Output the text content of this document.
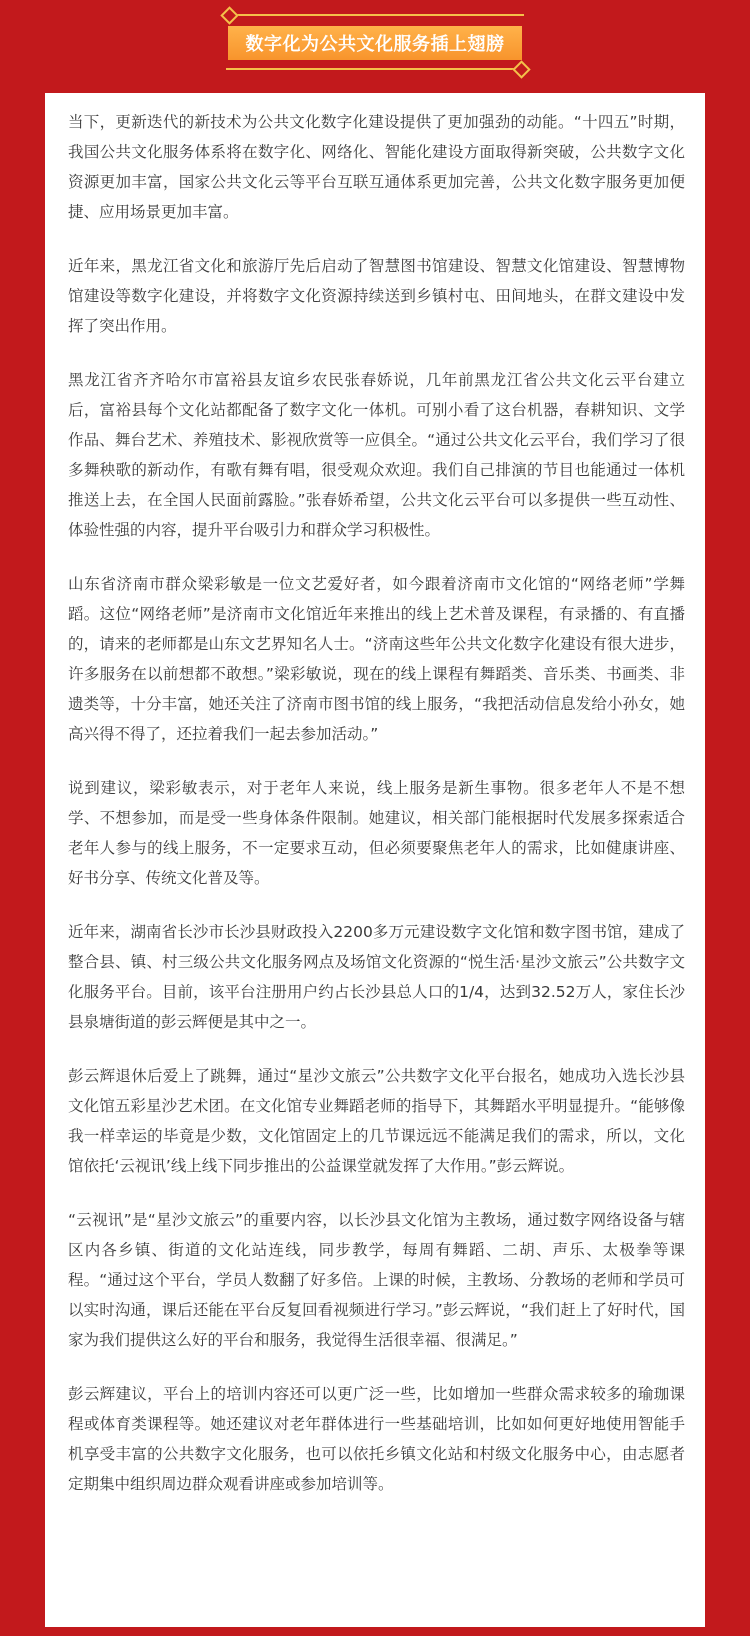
数字化为公共文化服务插上翅膀

当下，更新迭代的新技术为公共文化数字化建设提供了更加强劲的动能。“十四五”时期，我国公共文化服务体系将在数字化、网络化、智能化建设方面取得新突破，公共数字文化资源更加丰富，国家公共文化云等平台互联互通体系更加完善，公共文化数字服务更加便捷、应用场景更加丰富。

近年来，黑龙江省文化和旅游厅先后启动了智慧图书馆建设、智慧文化馆建设、智慧博物馆建设等数字化建设，并将数字文化资源持续送到乡镇村屯、田间地头，在群文建设中发挥了突出作用。

黑龙江省齐齐哈尔市富裕县友谊乡农民张春娇说，几年前黑龙江省公共文化云平台建立后，富裕县每个文化站都配备了数字文化一体机。可别小看了这台机器，春耕知识、文学作品、舞台艺术、养殖技术、影视欣赏等一应俱全。“通过公共文化云平台，我们学习了很多舞秧歌的新动作，有歌有舞有唱，很受观众欢迎。我们自己排演的节目也能通过一体机推送上去，在全国人民面前露脸。”张春娇希望，公共文化云平台可以多提供一些互动性、体验性强的内容，提升平台吸引力和群众学习积极性。

山东省济南市群众梁彩敏是一位文艺爱好者，如今跟着济南市文化馆的“网络老师”学舞蹈。这位“网络老师”是济南市文化馆近年来推出的线上艺术普及课程，有录播的、有直播的，请来的老师都是山东文艺界知名人士。“济南这些年公共文化数字化建设有很大进步，许多服务在以前想都不敢想。”梁彩敏说，现在的线上课程有舞蹈类、音乐类、书画类、非遗类等，十分丰富，她还关注了济南市图书馆的线上服务，“我把活动信息发给小孙女，她高兴得不得了，还拉着我们一起去参加活动。”

说到建议，梁彩敏表示，对于老年人来说，线上服务是新生事物。很多老年人不是不想学、不想参加，而是受一些身体条件限制。她建议，相关部门能根据时代发展多探索适合老年人参与的线上服务，不一定要求互动，但必须要聚焦老年人的需求，比如健康讲座、好书分享、传统文化普及等。

近年来，湖南省长沙市长沙县财政投入2200多万元建设数字文化馆和数字图书馆，建成了整合县、镇、村三级公共文化服务网点及场馆文化资源的“悦生活·星沙文旅云”公共数字文化服务平台。目前，该平台注册用户约占长沙县总人口的1/4，达到32.52万人，家住长沙县泉塘街道的彭云辉便是其中之一。

彭云辉退休后爱上了跳舞，通过“星沙文旅云”公共数字文化平台报名，她成功入选长沙县文化馆五彩星沙艺术团。在文化馆专业舞蹈老师的指导下，其舞蹈水平明显提升。“能够像我一样幸运的毕竟是少数，文化馆固定上的几节课远远不能满足我们的需求，所以，文化馆依托‘云视讯’线上线下同步推出的公益课堂就发挥了大作用。”彭云辉说。

“云视讯”是“星沙文旅云”的重要内容，以长沙县文化馆为主教场，通过数字网络设备与辖区内各乡镇、街道的文化站连线，同步教学，每周有舞蹈、二胡、声乐、太极拳等课程。“通过这个平台，学员人数翻了好多倍。上课的时候，主教场、分教场的老师和学员可以实时沟通，课后还能在平台反复回看视频进行学习。”彭云辉说，“我们赶上了好时代，国家为我们提供这么好的平台和服务，我觉得生活很幸福、很满足。”

彭云辉建议，平台上的培训内容还可以更广泛一些，比如增加一些群众需求较多的瑜珈课程或体育类课程等。她还建议对老年群体进行一些基础培训，比如如何更好地使用智能手机享受丰富的公共数字文化服务，也可以依托乡镇文化站和村级文化服务中心，由志愿者定期集中组织周边群众观看讲座或参加培训等。
